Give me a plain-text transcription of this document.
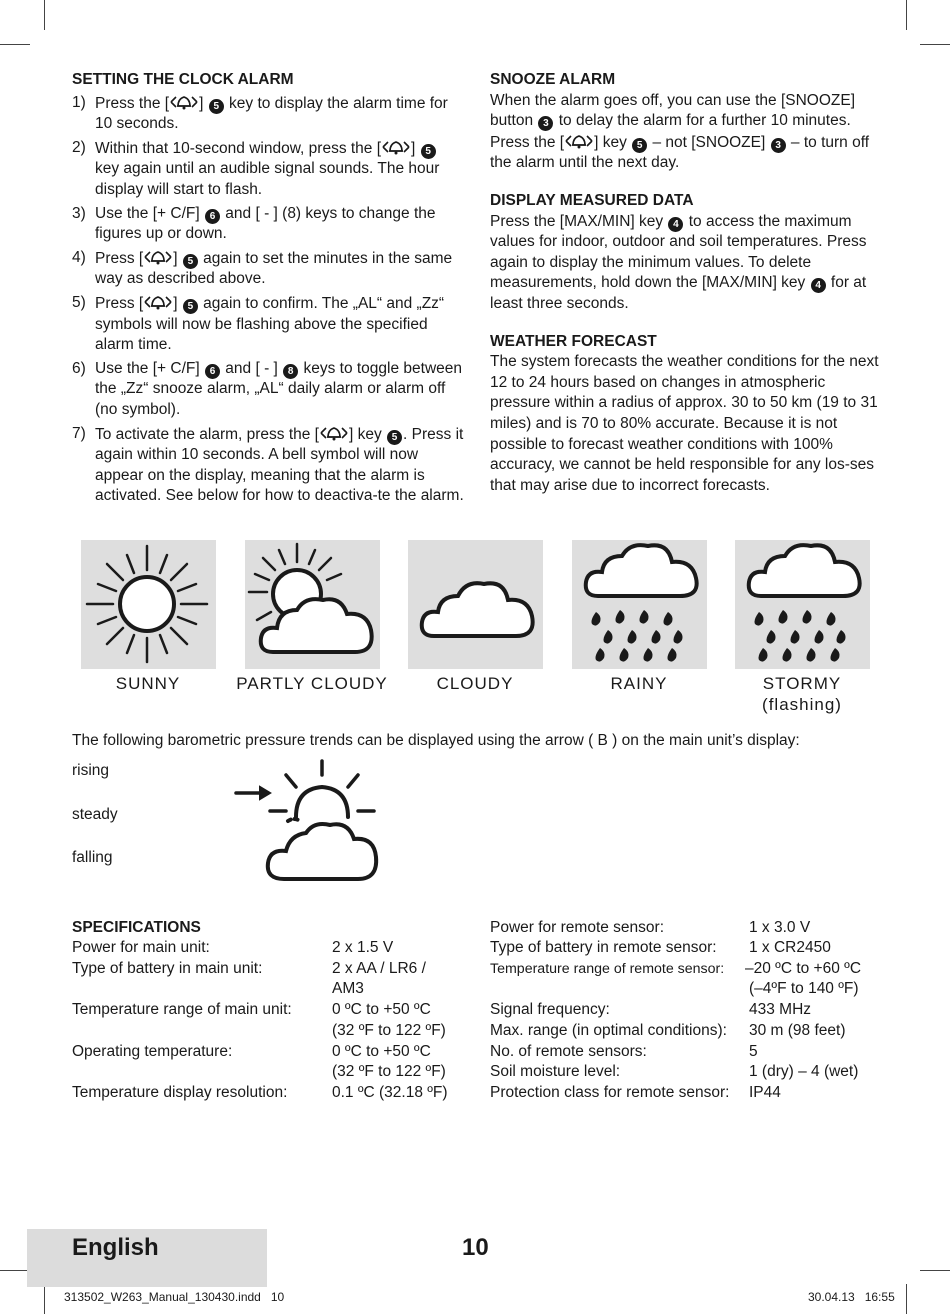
SETTING THE CLOCK ALARM

1) Press the [ ] 5 key to display the alarm time for 10 seconds.
2) Within that 10-second window, press the [ ] 5 key again until an audible signal sounds. The hour display will start to flash.
3) Use the [+ C/F] 6 and [ - ] (8) keys to change the figures up or down.
4) Press [ ] 5 again to set the minutes in the same way as described above.
5) Press [ ] 5 again to confirm. The „AL“ and „Zz“ symbols will now be flashing above the specified alarm time.
6) Use the [+ C/F] 6 and [ - ] 8 keys to toggle between the „Zz“ snooze alarm, „AL“ daily alarm or alarm off (no symbol).
7) To activate the alarm, press the [ ] key 5 . Press it again within 10 seconds. A bell symbol will now appear on the display, meaning that the alarm is activated. See below for how to deactiva-te the alarm.

SNOOZE ALARM

When the alarm goes off, you can use the [SNOOZE] button 3 to delay the alarm for a further 10 minutes. Press the [ ] key 5 – not [SNOOZE] 3 – to turn off the alarm until the next day.

DISPLAY MEASURED DATA

Press the [MAX/MIN] key 4 to access the maximum values for indoor, outdoor and soil temperatures. Press again to display the minimum values. To delete measurements, hold down the [MAX/MIN] key 4 for at least three seconds.

WEATHER FORECAST

The system forecasts the weather conditions for the next 12 to 24 hours based on changes in atmospheric pressure within a radius of approx. 30 to 50 km (19 to 31 miles) and is 70 to 80% accurate. Because it is not possible to forecast weather conditions with 100% accuracy, we cannot be held responsible for any los-ses that may arise due to incorrect forecasts.

SUNNY	PARTLY CLOUDY	CLOUDY	RAINY	STORMY
(flashing)
The following barometric pressure trends can be displayed using the arrow ( B ) on the main unit’s display:
rising
steady
falling
SPECIFICATIONS
Power for main unit:	2 x 1.5 V
Type of battery in main unit:	2 x AA / LR6 /
AM3
Temperature range of main unit:	0 ºC to +50 ºC
(32 ºF to 122 ºF)
Operating temperature:	0 ºC to +50 ºC
(32 ºF to 122 ºF)
Temperature display resolution:	0.1 ºC (32.18 ºF)
Power for remote sensor:	1 x 3.0 V
Type of battery in remote sensor: 1 x CR2450
Temperature range of remote sensor: –20 ºC to +60 ºC
(–4ºF to 140 ºF)
Signal frequency:	433 MHz
Max. range (in optimal conditions): 30 m (98 feet)
No. of remote sensors:	5
Soil moisture level:	1 (dry) – 4 (wet)
Protection class for remote sensor: IP44
English	10
313502_W263_Manual_130430.indd   10	30.04.13   16:55
